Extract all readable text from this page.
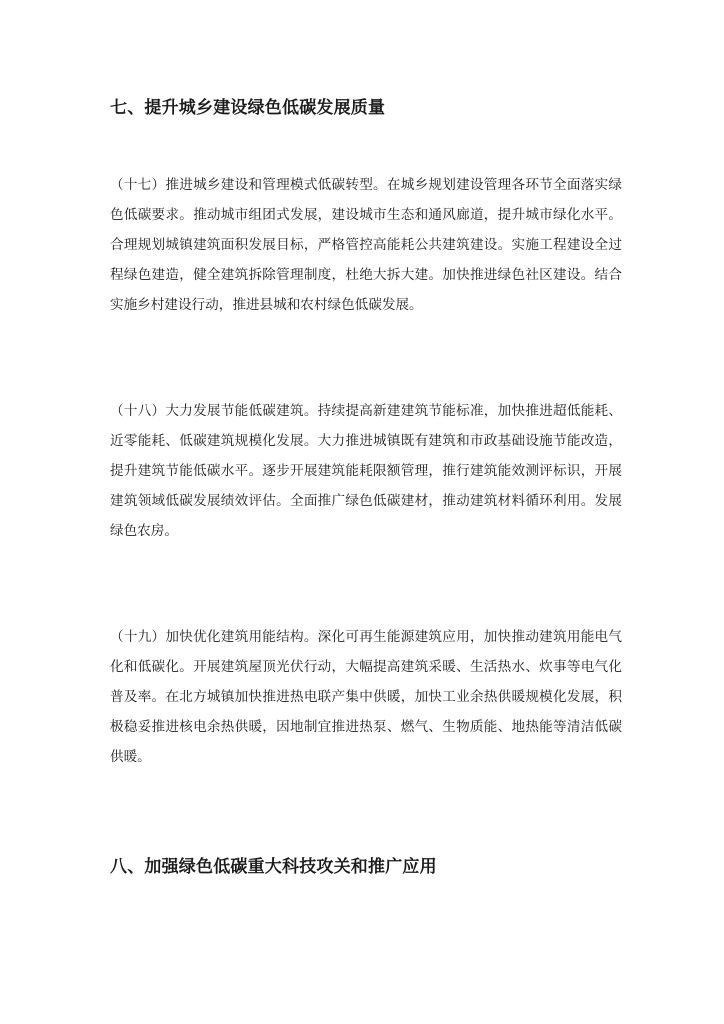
七、提升城乡建设绿色低碳发展质量

（十七）推进城乡建设和管理模式低碳转型。在城乡规划建设管理各环节全面落实绿色低碳要求。推动城市组团式发展，建设城市生态和通风廊道，提升城市绿化水平。合理规划城镇建筑面积发展目标，严格管控高能耗公共建筑建设。实施工程建设全过程绿色建造，健全建筑拆除管理制度，杜绝大拆大建。加快推进绿色社区建设。结合实施乡村建设行动，推进县城和农村绿色低碳发展。

（十八）大力发展节能低碳建筑。持续提高新建建筑节能标准，加快推进超低能耗、近零能耗、低碳建筑规模化发展。大力推进城镇既有建筑和市政基础设施节能改造，提升建筑节能低碳水平。逐步开展建筑能耗限额管理，推行建筑能效测评标识，开展建筑领域低碳发展绩效评估。全面推广绿色低碳建材，推动建筑材料循环利用。发展绿色农房。

（十九）加快优化建筑用能结构。深化可再生能源建筑应用，加快推动建筑用能电气化和低碳化。开展建筑屋顶光伏行动，大幅提高建筑采暖、生活热水、炊事等电气化普及率。在北方城镇加快推进热电联产集中供暖，加快工业余热供暖规模化发展，积极稳妥推进核电余热供暖，因地制宜推进热泵、燃气、生物质能、地热能等清洁低碳供暖。

八、加强绿色低碳重大科技攻关和推广应用
